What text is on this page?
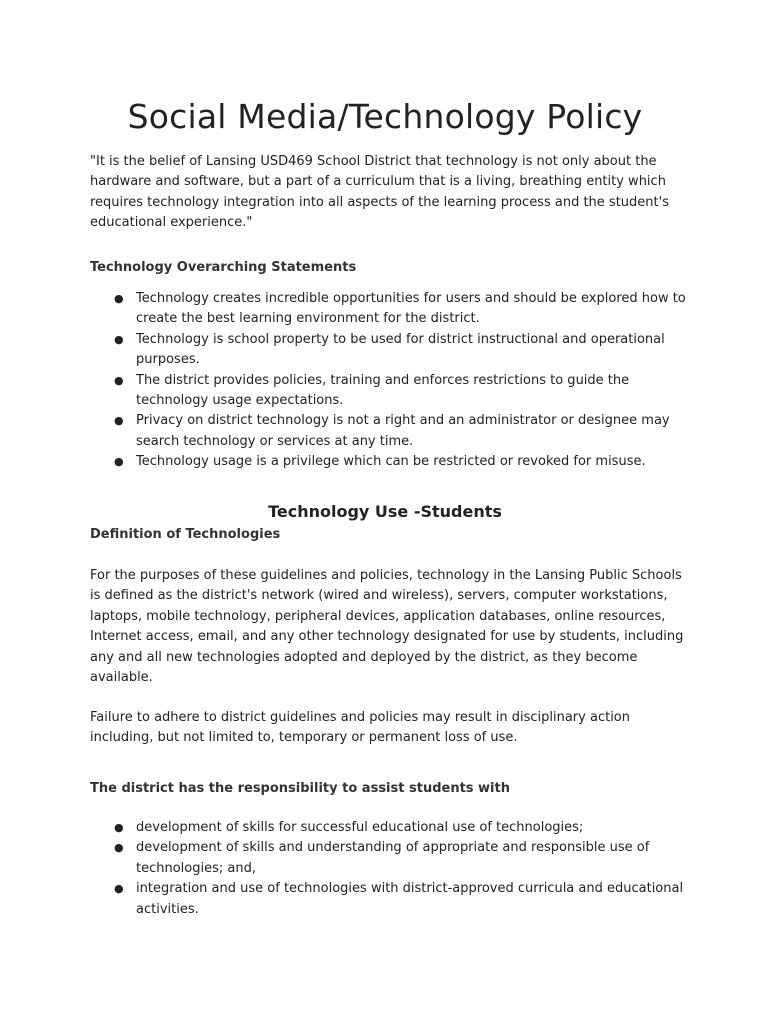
Social Media/Technology Policy

"It is the belief of Lansing USD469 School District that technology is not only about the hardware and software, but a part of a curriculum that is a living, breathing entity which requires technology integration into all aspects of the learning process and the student's educational experience."

Technology Overarching Statements

● Technology creates incredible opportunities for users and should be explored how to create the best learning environment for the district.
● Technology is school property to be used for district instructional and operational purposes.
● The district provides policies, training and enforces restrictions to guide the technology usage expectations.
● Privacy on district technology is not a right and an administrator or designee may search technology or services at any time.
● Technology usage is a privilege which can be restricted or revoked for misuse.

Technology Use -Students

Definition of Technologies

For the purposes of these guidelines and policies, technology in the Lansing Public Schools is defined as the district's network (wired and wireless), servers, computer workstations, laptops, mobile technology, peripheral devices, application databases, online resources, Internet access, email, and any other technology designated for use by students, including any and all new technologies adopted and deployed by the district, as they become available.

Failure to adhere to district guidelines and policies may result in disciplinary action including, but not limited to, temporary or permanent loss of use.

The district has the responsibility to assist students with

● development of skills for successful educational use of technologies;
● development of skills and understanding of appropriate and responsible use of technologies; and,
● integration and use of technologies with district-approved curricula and educational activities.
